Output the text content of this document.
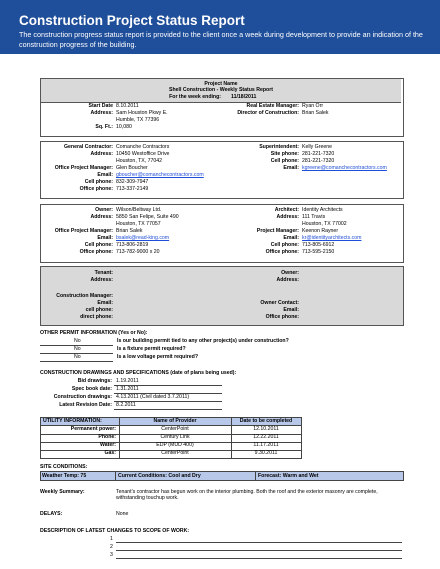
Construction Project Status Report

The construction progress status report is provided to the client once a week during development to provide an indication of the construction progress of the building.

Project Name
Shell Construction - Weekly Status Report
For the week ending: 11/18/2011
Start Date 8.10.2011
Address: Sam Houston Pkwy E.
Humble, TX 77396
Sq. Ft.: 10,080
Real Estate Manager: Ryan Orr
Director of Construction: Brian Salek
General Contractor: Comanche Contractors
Address: 10450 Westoffice Drive
Houston, TX, 77042
Office Project Manager: Glen Boucher
Email: gboucher@comanchecontractors.com
Cell phone: 832-309-7947
Office phone: 713-337-2149
Superintendent: Kelly Greene
Site phone: 281-221-7320
Cell phone: 281-221-7320
Email: kgreene@comanchecontractors.com
Owner: Wilson/Beltway Ltd.
Address: 5850 San Felipe, Suite 490
Houston, TX 77057
Office Project Manager: Brian Salek
Email: bsalek@read-king.com
Cell phone: 713-806-2819
Office phone: 713-782-9000 x 20
Architect: Identity Architects
Address: 111 Travis
Houston, TX 77002
Project Manager: Keenon Rayner
Email: kr@identityarchitects.com
Cell phone: 713-805-6912
Office phone: 713-595-2150
Tenant:
Address:
Construction Manager:
Email:
cell phone:
direct phone:
Owner:
Address:
Owner Contact:
Email:
Office phone:
OTHER PERMIT INFORMATION (Yes or No):
No	Is our building permit tied to any other project(s) under construction?
No	Is a fixture permit required?
No	Is a low voltage permit required?
CONSTRUCTION DRAWINGS AND SPECIFICATIONS (date of plans being used):
Bid drawings: 1.19.2011
Spec book date: 1.31.2011
Construction drawings: 4.13.2011 (Civil dated 3.7.2011)
Latest Revision Date: 8.2.2011
UTILITY INFORMATION:	Name of Provider	Date to be completed
Permanent power:	CenterPoint	12.10.2011
Phone:	Century Link	12.22.2011
Water:	EDP (MUD 400)	11.17.2011
Gas:	CenterPoint	9.30.2011
SITE CONDITIONS:
Weather Temp: 75	Current Conditions: Cool and Dry	Forecast: Warm and Wet
Weekly Summary:	Tenant's contractor has begun work on the interior plumbing. Both the roof and the exterior masonry are complete, withstanding touchup work.
DELAYS:	None
DESCRIPTION OF LATEST CHANGES TO SCOPE OF WORK:
1
2
3
